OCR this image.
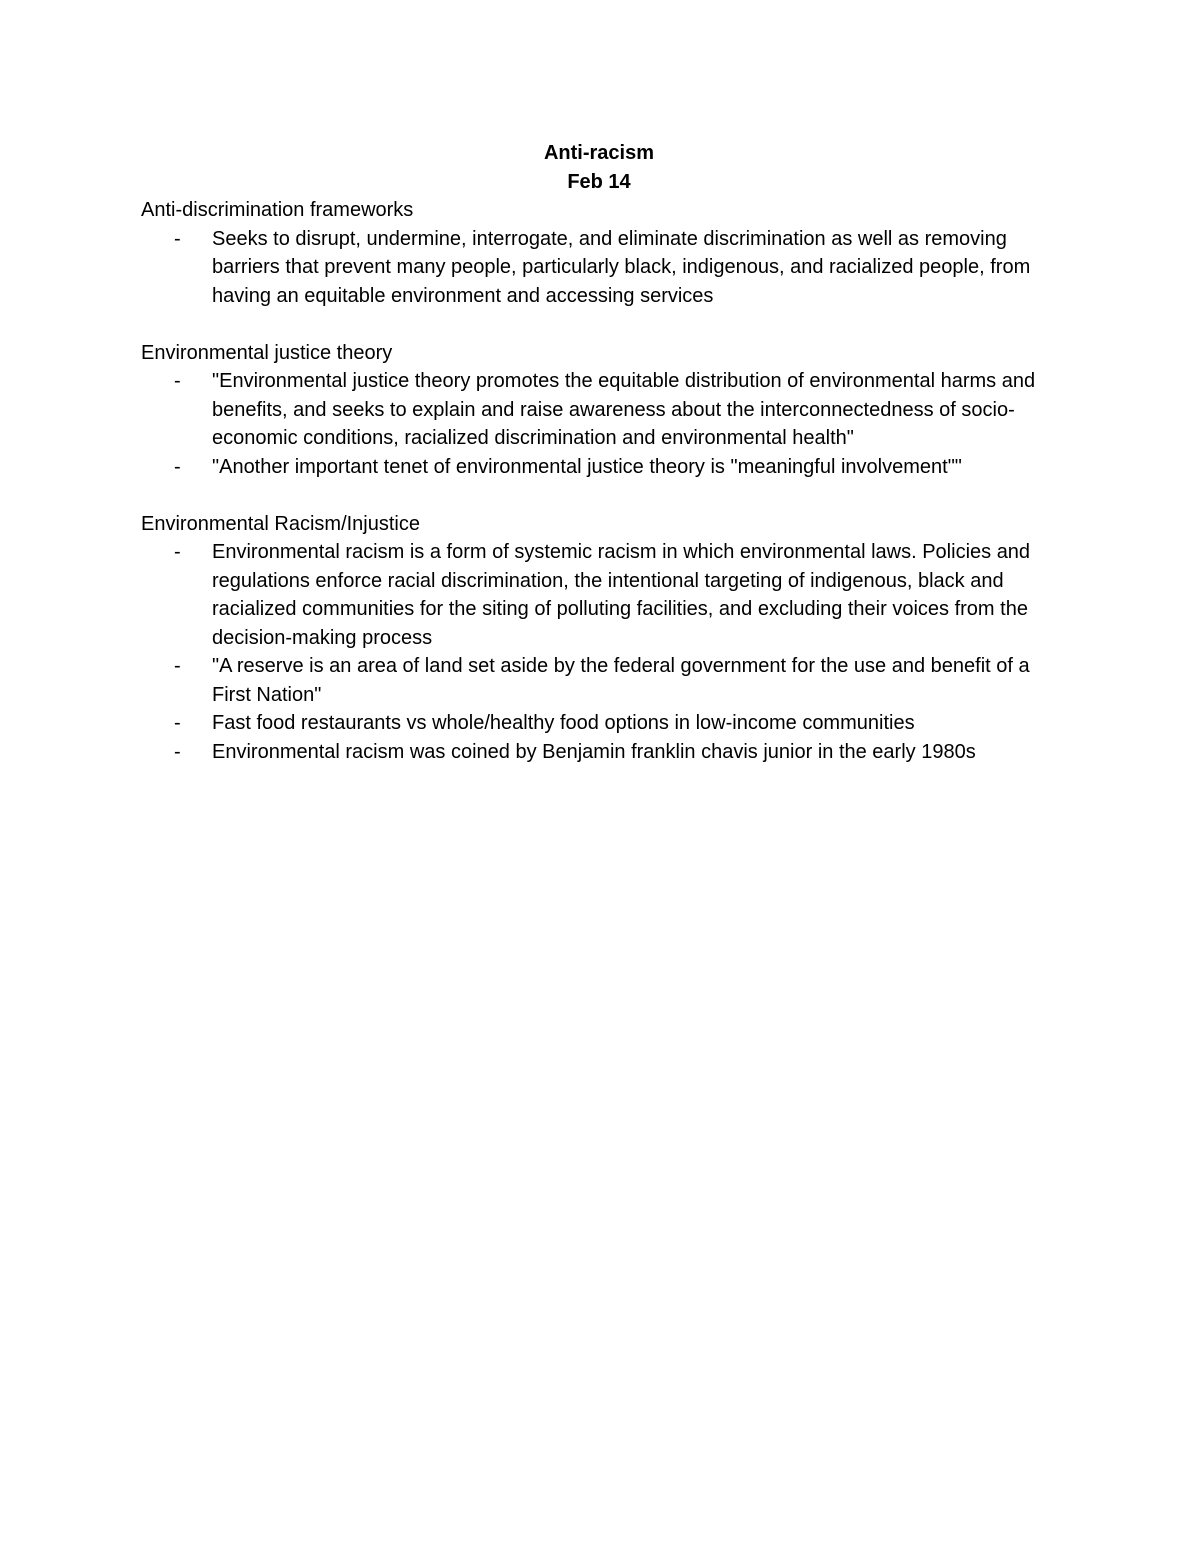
Anti-racism
Feb 14
Anti-discrimination frameworks
- Seeks to disrupt, undermine, interrogate, and eliminate discrimination as well as removing barriers that prevent many people, particularly black, indigenous, and racialized people, from having an equitable environment and accessing services
Environmental justice theory
- "Environmental justice theory promotes the equitable distribution of environmental harms and benefits, and seeks to explain and raise awareness about the interconnectedness of socio-economic conditions, racialized discrimination and environmental health"
- "Another important tenet of environmental justice theory is "meaningful involvement""
Environmental Racism/Injustice
- Environmental racism is a form of systemic racism in which environmental laws. Policies and regulations enforce racial discrimination, the intentional targeting of indigenous, black and racialized communities for the siting of polluting facilities, and excluding their voices from the decision-making process
- "A reserve is an area of land set aside by the federal government for the use and benefit of a First Nation"
- Fast food restaurants vs whole/healthy food options in low-income communities
- Environmental racism was coined by Benjamin franklin chavis junior in the early 1980s
